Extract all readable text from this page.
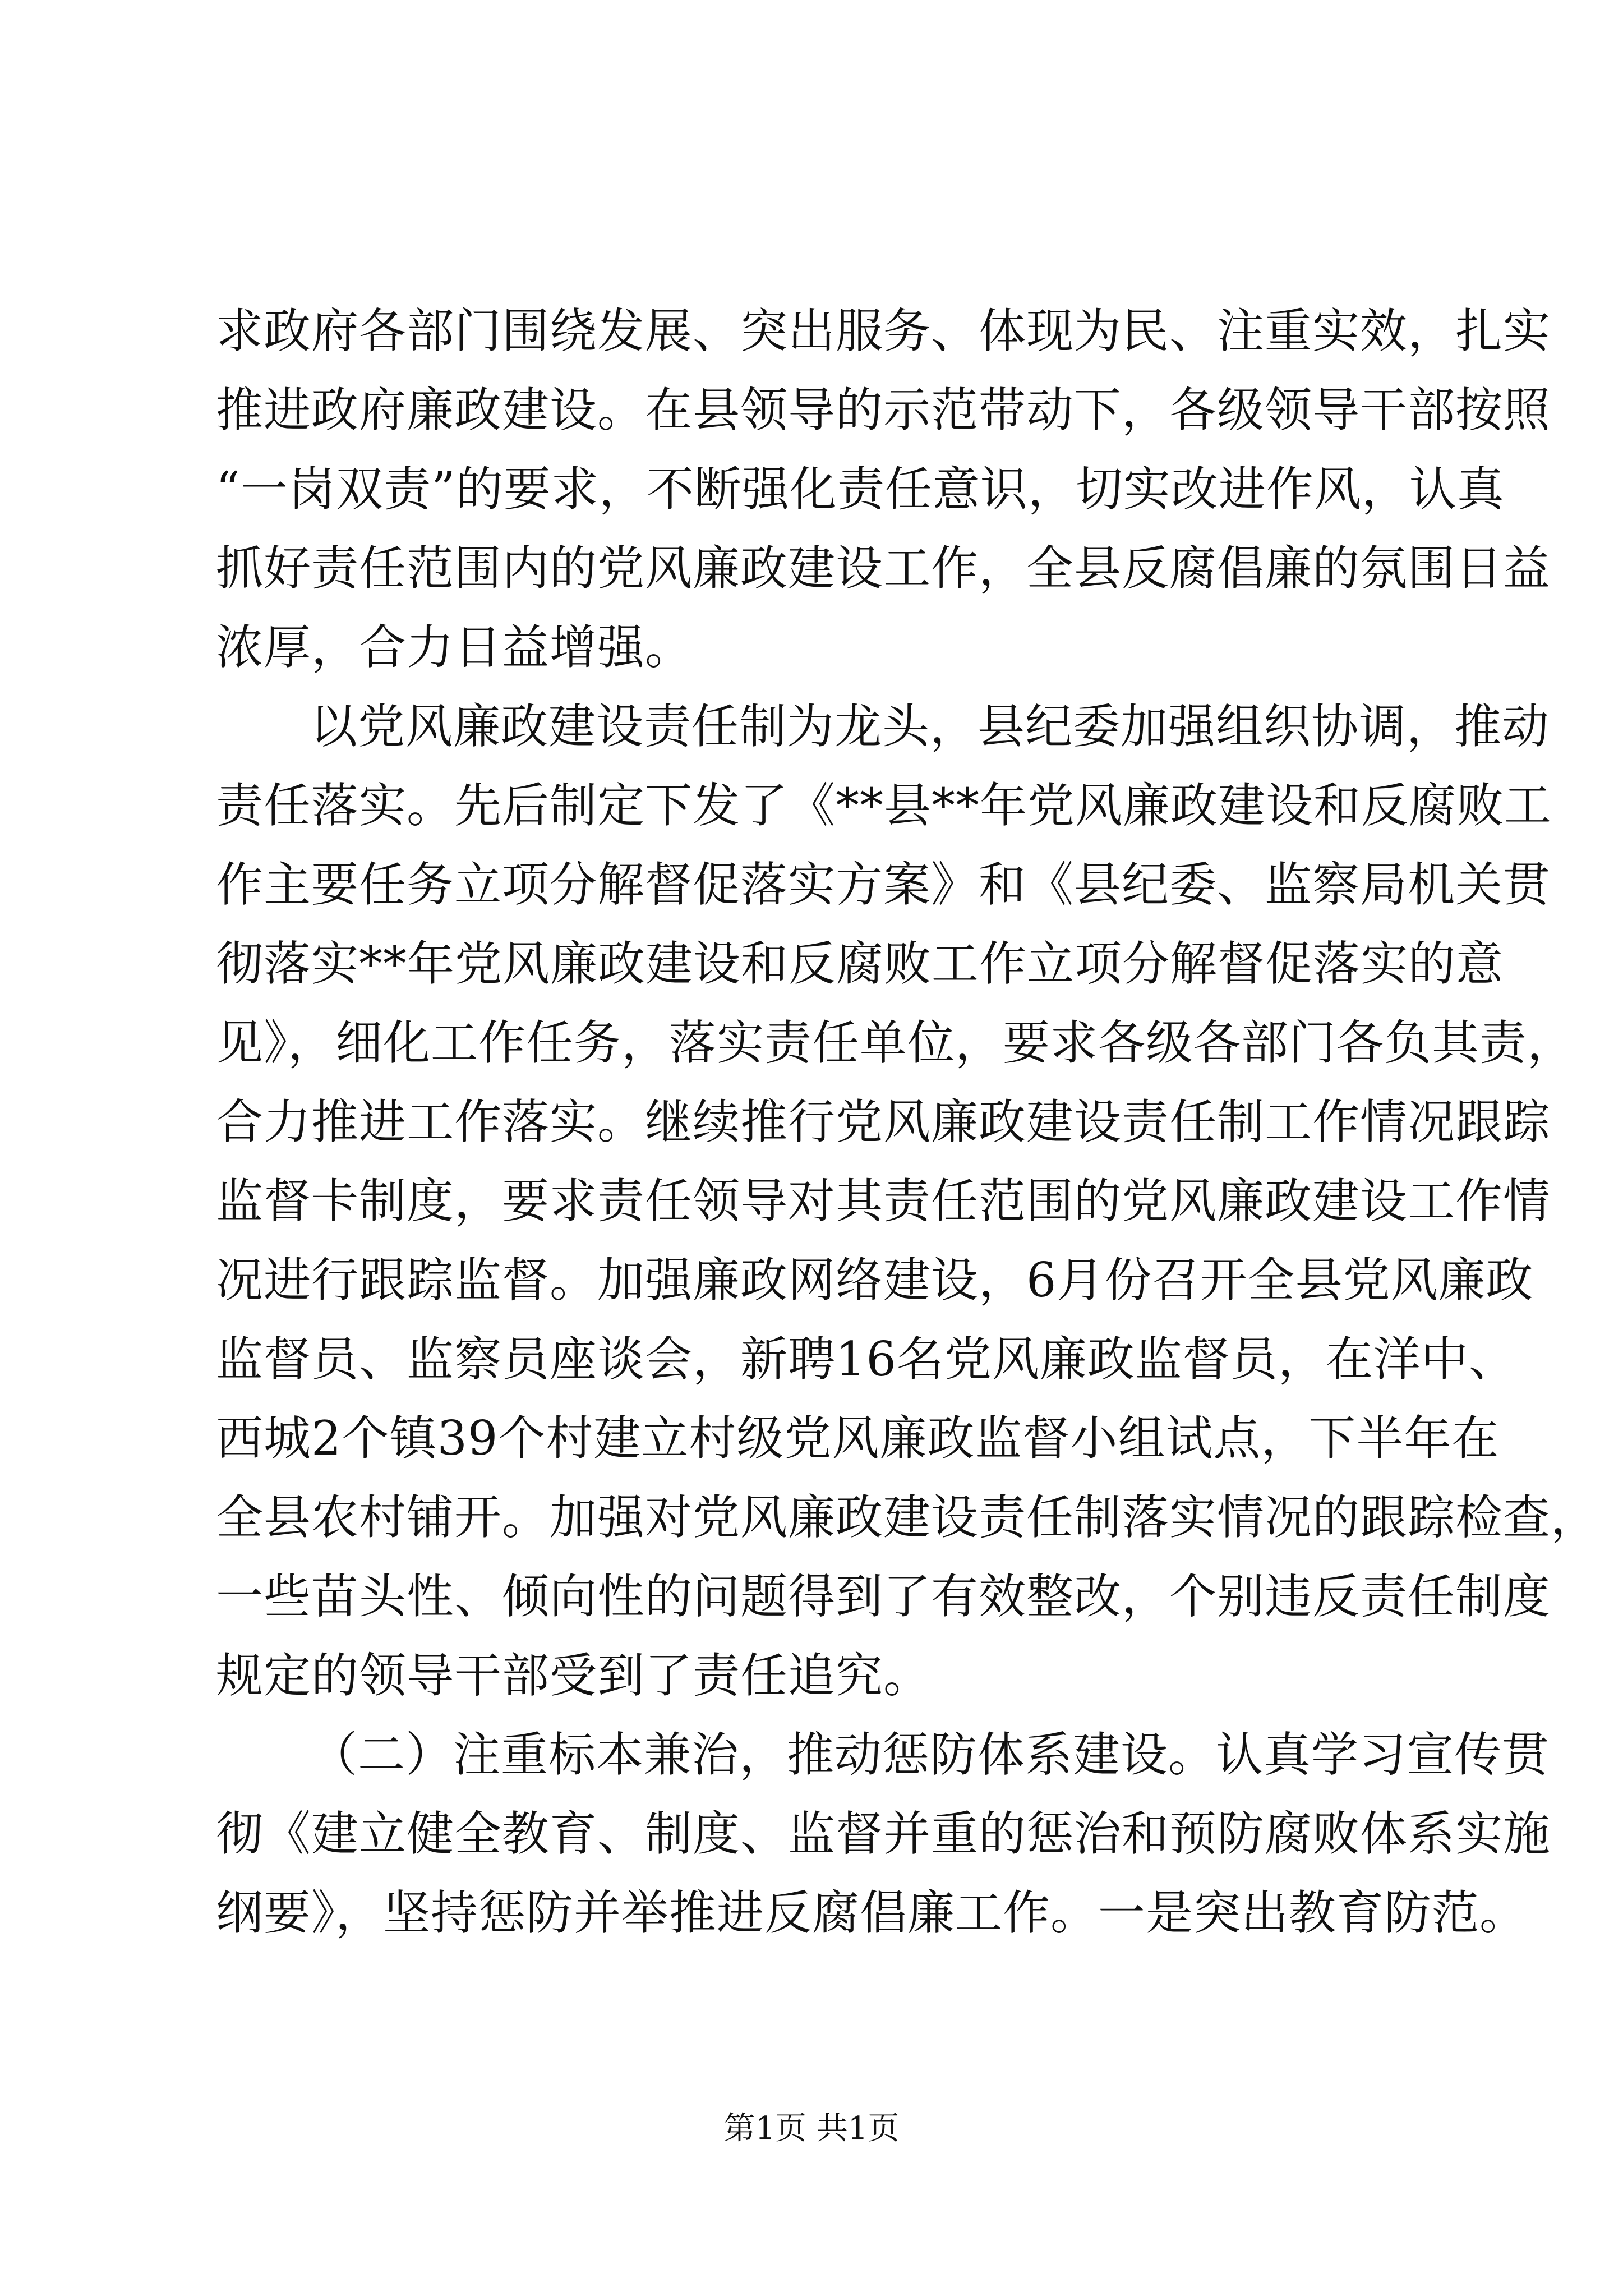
求政府各部门围绕发展、突出服务、体现为民、注重实效，扎实
推进政府廉政建设。在县领导的示范带动下，各级领导干部按照
“一岗双责”的要求，不断强化责任意识，切实改进作风，认真
抓好责任范围内的党风廉政建设工作，全县反腐倡廉的氛围日益
浓厚，合力日益增强。
以党风廉政建设责任制为龙头，县纪委加强组织协调，推动
责任落实。先后制定下发了《**县**年党风廉政建设和反腐败工
作主要任务立项分解督促落实方案》和《县纪委、监察局机关贯
彻落实**年党风廉政建设和反腐败工作立项分解督促落实的意
见》，细化工作任务，落实责任单位，要求各级各部门各负其责，
合力推进工作落实。继续推行党风廉政建设责任制工作情况跟踪
监督卡制度，要求责任领导对其责任范围的党风廉政建设工作情
况进行跟踪监督。加强廉政网络建设，6月份召开全县党风廉政
监督员、监察员座谈会，新聘16名党风廉政监督员，在洋中、
西城2个镇39个村建立村级党风廉政监督小组试点，下半年在
全县农村铺开。加强对党风廉政建设责任制落实情况的跟踪检查，
一些苗头性、倾向性的问题得到了有效整改，个别违反责任制度
规定的领导干部受到了责任追究。
（二）注重标本兼治，推动惩防体系建设。认真学习宣传贯
彻《建立健全教育、制度、监督并重的惩治和预防腐败体系实施
纲要》，坚持惩防并举推进反腐倡廉工作。一是突出教育防范。
第1页 共1页
